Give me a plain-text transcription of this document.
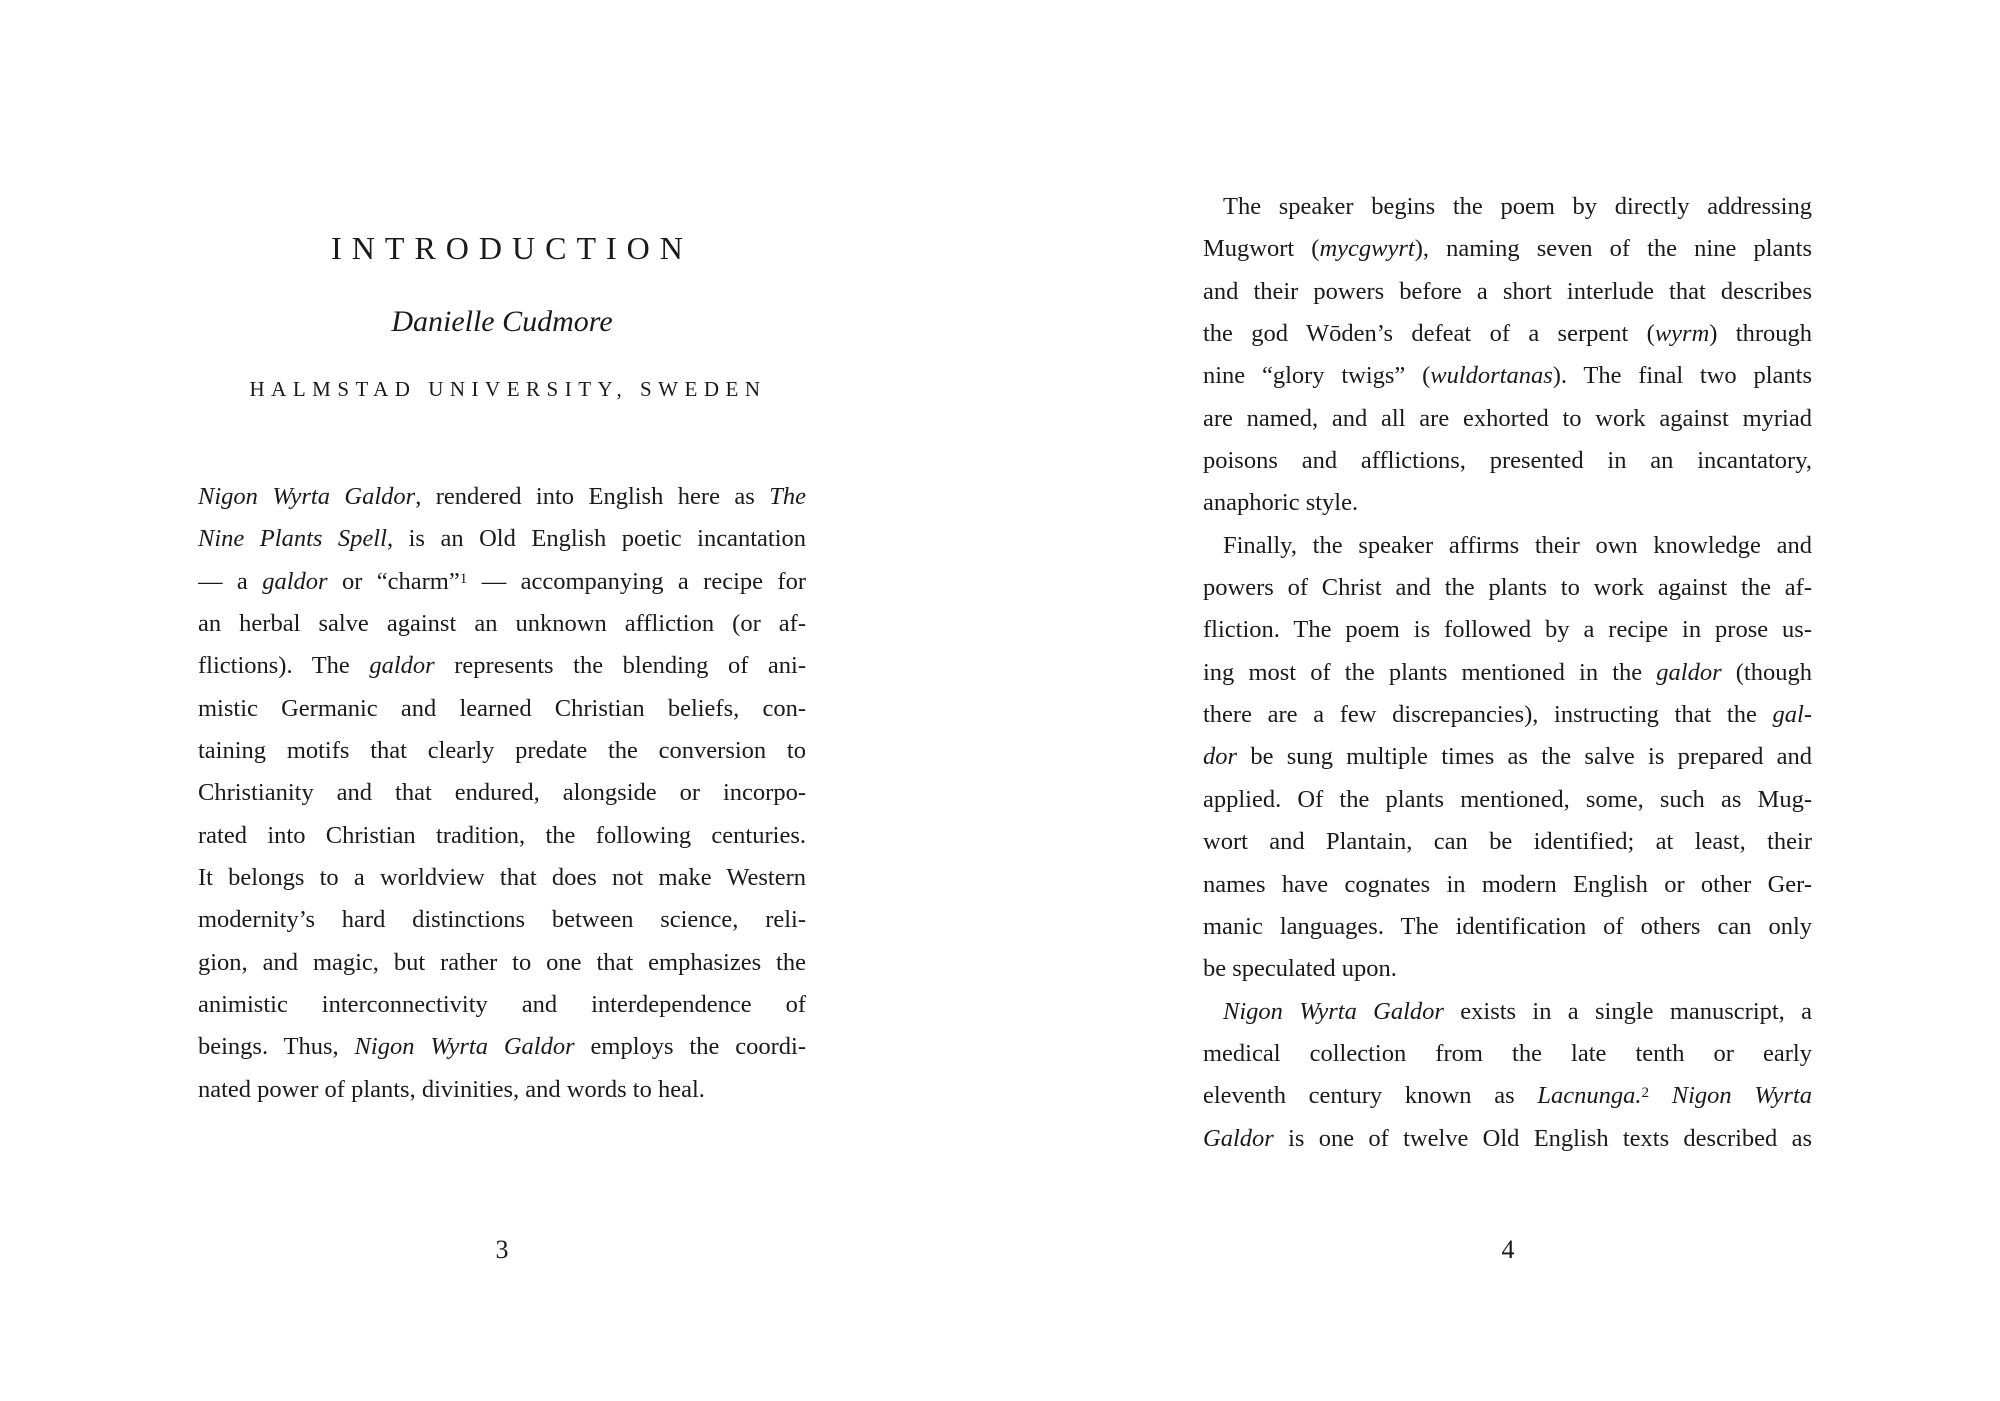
INTRODUCTION
Danielle Cudmore
HALMSTAD UNIVERSITY, SWEDEN
Nigon Wyrta Galdor, rendered into English here as The
Nine Plants Spell, is an Old English poetic incantation
— a galdor or “charm”$^1$ — accompanying a recipe for
an herbal salve against an unknown affliction (or af-
flictions). The galdor represents the blending of ani-
mistic Germanic and learned Christian beliefs, con-
taining motifs that clearly predate the conversion to
Christianity and that endured, alongside or incorpo-
rated into Christian tradition, the following centuries.
It belongs to a worldview that does not make Western
modernity’s hard distinctions between science, reli-
gion, and magic, but rather to one that emphasizes the
animistic interconnectivity and interdependence of
beings. Thus, Nigon Wyrta Galdor employs the coordi-
nated power of plants, divinities, and words to heal.
3
The speaker begins the poem by directly addressing
Mugwort (mycgwyrt), naming seven of the nine plants
and their powers before a short interlude that describes
the god Wōden’s defeat of a serpent (wyrm) through
nine “glory twigs” (wuldortanas). The final two plants
are named, and all are exhorted to work against myriad
poisons and afflictions, presented in an incantatory,
anaphoric style.
Finally, the speaker affirms their own knowledge and
powers of Christ and the plants to work against the af-
fliction. The poem is followed by a recipe in prose us-
ing most of the plants mentioned in the galdor (though
there are a few discrepancies), instructing that the gal-
dor be sung multiple times as the salve is prepared and
applied. Of the plants mentioned, some, such as Mug-
wort and Plantain, can be identified; at least, their
names have cognates in modern English or other Ger-
manic languages. The identification of others can only
be speculated upon.
Nigon Wyrta Galdor exists in a single manuscript, a
medical collection from the late tenth or early
eleventh century known as Lacnunga.$^2$ Nigon Wyrta
Galdor is one of twelve Old English texts described as
4
